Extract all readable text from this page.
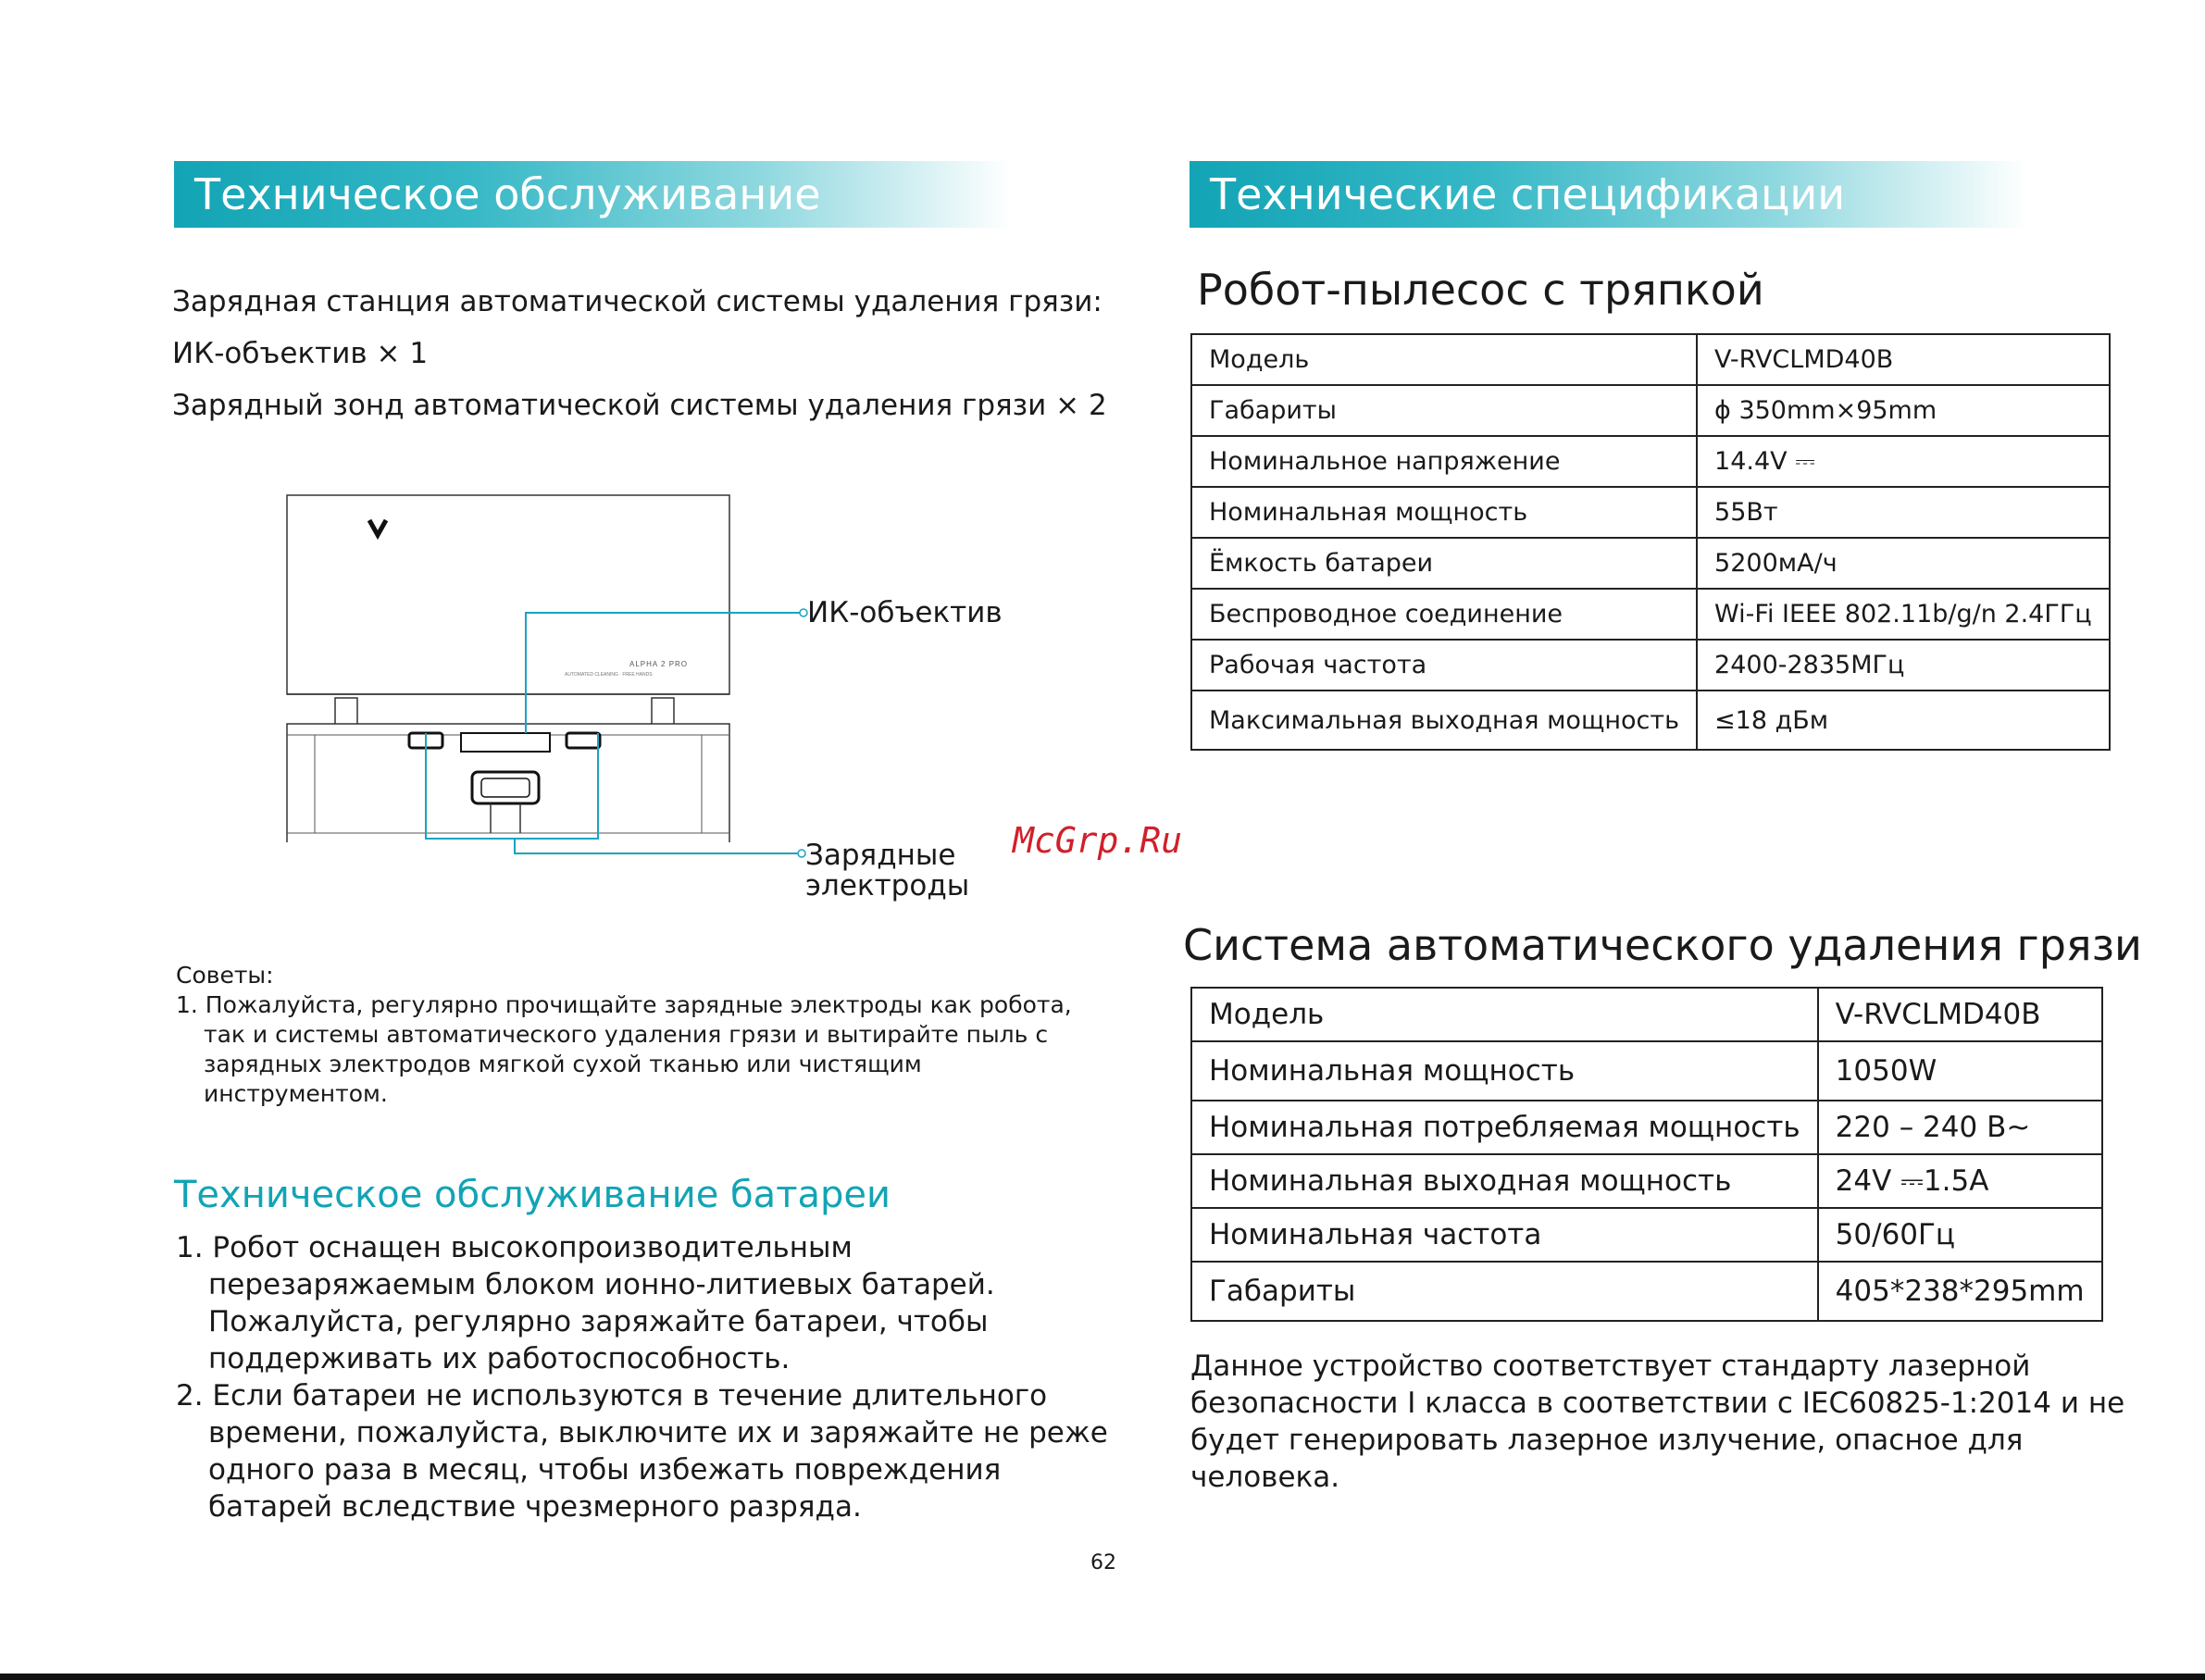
Техническое обслуживание
Зарядная станция автоматической системы удаления грязи:
ИК-объектив × 1
Зарядный зонд автоматической системы удаления грязи × 2
ALPHA 2 PRO
AUTOMATED CLEANING · FREE HANDS
ИК-объектив
Зарядные
электроды
Советы:
1. Пожалуйста, регулярно прочищайте зарядные электроды как робота,
так и системы автоматического удаления грязи и вытирайте пыль с
зарядных электродов мягкой сухой тканью или чистящим
инструментом.
Техническое обслуживание батареи
1. Робот оснащен высокопроизводительным
перезаряжаемым блоком ионно-литиевых батарей.
Пожалуйста, регулярно заряжайте батареи, чтобы
поддерживать их работоспособность.
2. Если батареи не используются в течение длительного
времени, пожалуйста, выключите их и заряжайте не реже
одного раза в месяц, чтобы избежать повреждения
батарей вследствие чрезмерного разряда.
Технические спецификации
Робот-пылесос с тряпкой
Модель	V-RVCLMD40B
Габариты	ϕ 350mm×95mm
Номинальное напряжение	14.4V ⎓
Номинальная мощность	55Вт
Ёмкость батареи	5200мА/ч
Беспроводное соединение	Wi-Fi IEEE 802.11b/g/n 2.4ГГц
Рабочая частота	2400-2835МГц
Максимальная выходная мощность	≤18 дБм
McGrp.Ru
Система автоматического удаления грязи
Модель	V-RVCLMD40B
Номинальная мощность	1050W
Номинальная потребляемая мощность	220 – 240 В~
Номинальная выходная мощность	24V ⎓1.5A
Номинальная частота	50/60Гц
Габариты	405*238*295mm
Данное устройство соответствует стандарту лазерной
безопасности I класса в соответствии с IEC60825-1:2014 и не
будет генерировать лазерное излучение, опасное для
человека.
62
